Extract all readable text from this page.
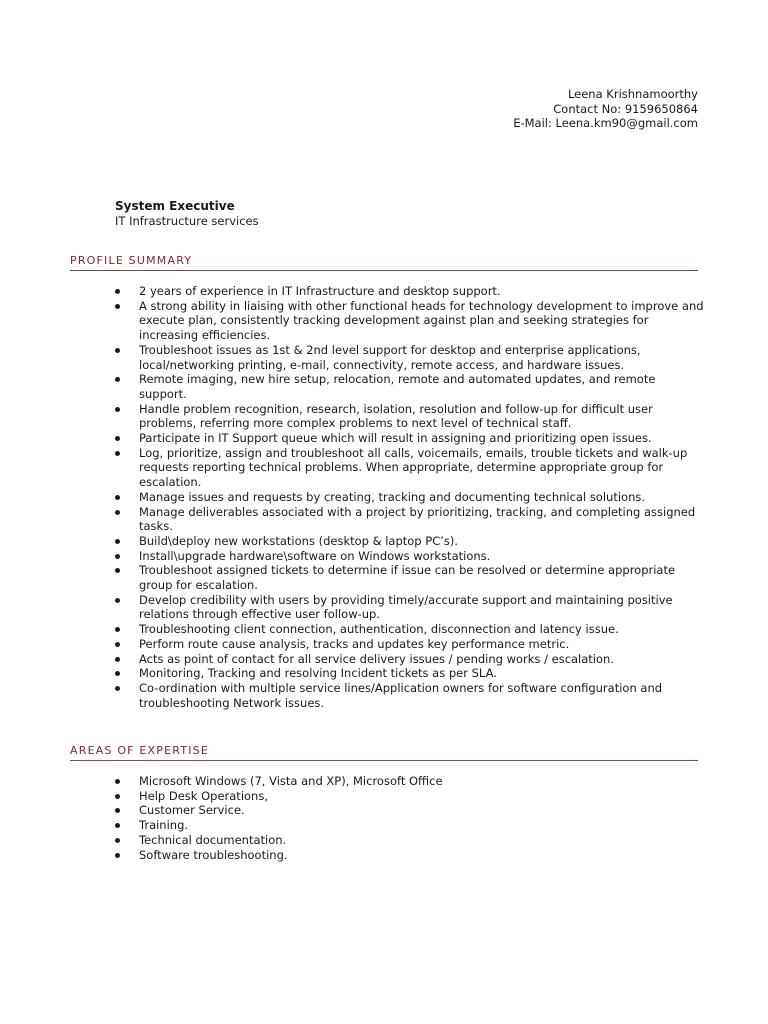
Leena Krishnamoorthy
Contact No: 9159650864
E-Mail: Leena.km90@gmail.com
System Executive
IT Infrastructure services
PROFILE SUMMARY
2 years of experience in IT Infrastructure and desktop support.
A strong ability in liaising with other functional heads for technology development to improve and execute plan, consistently tracking development against plan and seeking strategies for increasing efficiencies.
Troubleshoot issues as 1st & 2nd level support for desktop and enterprise applications, local/networking printing, e-mail, connectivity, remote access, and hardware issues.
Remote imaging, new hire setup, relocation, remote and automated updates, and remote support.
Handle problem recognition, research, isolation, resolution and follow-up for difficult user problems, referring more complex problems to next level of technical staff.
Participate in IT Support queue which will result in assigning and prioritizing open issues.
Log, prioritize, assign and troubleshoot all calls, voicemails, emails, trouble tickets and walk-up requests reporting technical problems. When appropriate, determine appropriate group for escalation.
Manage issues and requests by creating, tracking and documenting technical solutions.
Manage deliverables associated with a project by prioritizing, tracking, and completing assigned tasks.
Build\deploy new workstations (desktop & laptop PC’s).
Install\upgrade hardware\software on Windows workstations.
Troubleshoot assigned tickets to determine if issue can be resolved or determine appropriate group for escalation.
Develop credibility with users by providing timely/accurate support and maintaining positive relations through effective user follow-up.
Troubleshooting client connection, authentication, disconnection and latency issue.
Perform route cause analysis, tracks and updates key performance metric.
Acts as point of contact for all service delivery issues / pending works / escalation.
Monitoring, Tracking and resolving Incident tickets as per SLA.
Co-ordination with multiple service lines/Application owners for software configuration and troubleshooting Network issues.
AREAS OF EXPERTISE
Microsoft Windows (7, Vista and XP), Microsoft Office
Help Desk Operations,
Customer Service.
Training.
Technical documentation.
Software troubleshooting.
